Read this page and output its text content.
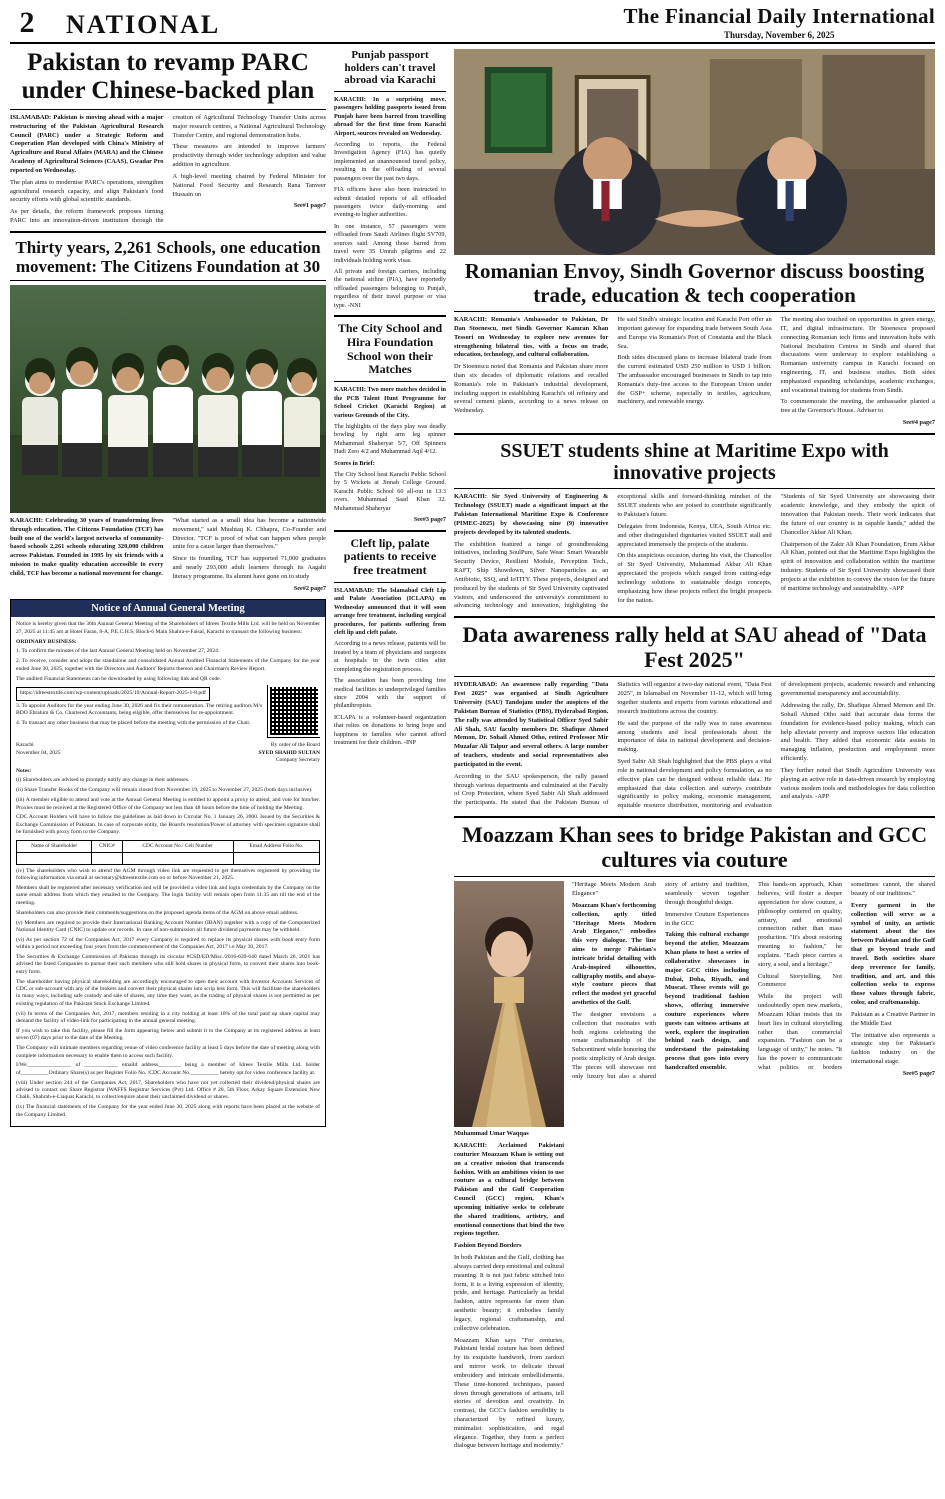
2	NATIONAL	The Financial Daily International
Thursday, November 6, 2025
Pakistan to revamp PARC under Chinese-backed plan

ISLAMABAD: Pakistan is moving ahead with a major restructuring of the Pakistan Agricultural Research Council (PARC) under a Strategic Reform and Cooperation Plan developed with China's Ministry of Agriculture and Rural Affairs (MARA) and the Chinese Academy of Agricultural Sciences (CAAS), Gwadar Pro reported on Wednesday.

The plan aims to modernise PARC's operations, strengthen agricultural research capacity, and align Pakistan's food security efforts with global scientific standards.

As per details, the reform framework proposes turning PARC into an innovation-driven institution through the creation of Agricultural Technology Transfer Units across major research centres, a National Agricultural Technology Transfer Centre, and regional demonstration hubs.

These measures are intended to improve farmers' productivity through wider technology adoption and value addition in agriculture.

A high-level meeting chaired by Federal Minister for National Food Security and Research Rana Tanveer Hussain on

See#1 page7
Thirty years, 2,261 Schools, one education movement: The Citizens Foundation at 30

KARACHI: Celebrating 30 years of transforming lives through education, The Citizens Foundation (TCF) has built one of the world's largest networks of community-based schools 2,261 schools educating 320,000 children across Pakistan. Founded in 1995 by six friends with a mission to make quality education accessible to every child, TCF has become a national movement for change.

"What started as a small idea has become a nationwide movement," said Mushtaq K. Chhapra, Co-Founder and Director. "TCF is proof of what can happen when people unite for a cause larger than themselves."

Since its founding, TCF has supported 71,000 graduates and nearly 293,000 adult learners through its Aagahi literacy programme. Its alumni have gone on to study

See#2 page7
Notice of Annual General Meeting

Notice is hereby given that the 36th Annual General Meeting of the Shareholders of Idrees Textile Mills Ltd. will be held on November 27, 2025 at 11:45 am at Hotel Faran, 8-A, P.E.C.H.S, Block-6 Main Shahra-e-Faisal, Karachi to transact the following business:

ORDINARY BUSINESS:

1. To confirm the minutes of the last Annual General Meeting held on November 27, 2024.

2. To receive, consider and adopt the standalone and consolidated Annual Audited Financial Statements of the Company for the year ended June 30, 2025, together with the Directors and Auditors' Reports thereon and Chairman's Review Report.

The audited Financial Statements can be downloaded by using following link and QR code.

https://idreestextile.com/wp-content/uploads/2025/10/Annual-Report-2025-1-8.pdf

3. To appoint Auditors for the year ending June 30, 2026 and fix their remuneration. The retiring auditors M/s BDO Ebrahim & Co. Chartered Accountants, being eligible, offer themselves for re-appointment.

4. To transact any other business that may be placed before the meeting with the permission of the Chair.

Karachi
November 04, 2025
By order of the Board
SYED SHAHID SULTAN
Company Secretary

Notes:

(i) Shareholders are advised to promptly notify any change in their addresses.

(ii) Share Transfer Books of the Company will remain closed from November 19, 2025 to November 27, 2025 (both days inclusive).

(iii) A member eligible to attend and vote at the Annual General Meeting is entitled to appoint a proxy to attend, and vote for him/her. Proxies must be received at the Registered Office of the Company not less than 48 hours before the time of holding the Meeting.

CDC Account Holders will have to follow the guidelines as laid down in Circular No. 1 January 26, 2000. Issued by the Securities & Exchange Commission of Pakistan. In case of corporate entity, the Board's resolution/Power of attorney with specimen signature shall be furnished with proxy form to the Company.

Name of Shareholder	CNIC#	CDC Account No./ Cell Number	Email Address Folio No.

(iv) The shareholders who wish to attend the AGM through video link are requested to get themselves registered by providing the following information via email at secretary@idreestextile.com on or before November 21, 2025.

Members shall be registered after necessary verification and will be provided a video link and login credentials by the Company on the same email address from which they emailed to the Company. The login facility will remain open from 11:35 am till the end of the meeting.

Shareholders can also provide their comments/suggestions on the proposed agenda items of the AGM on above email address.

(v) Members are required to provide their International Banking Account Number (IBAN) together with a copy of the Computerized National Identity Card (CNIC) to update our records. In case of non-submission all future dividend payments may be withheld.

(vi) As per section 72 of the Companies Act, 2017 every Company is required to replace its physical shares with book entry form within a period not exceeding four years from the commencement of the Companies Act, 2017 i.e May 30, 2017.

The Securities & Exchange Commission of Pakistan through its circular #CSD/ED/Misc./2016-639-640 dated March 26, 2021 has advised the listed Companies to pursue their such members who still hold shares in physical form, to convert their shares into book-entry form.

The shareholder having physical shareholding are accordingly encouraged to open their account with Investor Accounts Services of CDC or sub-account with any of the brokers and convert their physical shares into scrip less form. This will facilitate the shareholders in many ways, including safe custody and sale of shares, any time they want, as the trading of physical shares is not permitted as per existing regulation of the Pakistan Stock Exchange Limited.

(vii) In terms of the Companies Act, 2017, members residing in a city holding at least 10% of the total paid up share capital may demand the facility of video-link for participating in the annual general meeting.

If you wish to take this facility, please fill the form appearing below and submit it to the Company at its registered address at least seven (07) days prior to the date of the Meeting.

The Company will intimate members regarding venue of video conference facility at least 5 days before the date of meeting along with complete information necessary to enable them to access such facility.

I/We________________ of ____________ emaild address________ being a member of Idrees Textile Mills Ltd. holder of__________Ordinary Share(s) as per Register Folio No. /CDC Account No.__________ hereby opt for video conference facility at.

(viii) Under section 244 of the Companies Act, 2017, Shareholders who have not yet collected their dividend/physical shares are advised to contact our Share Registrar (WAFFS Registrar Services (Pvt) Ltd. Office # 20, 5th Floor, Arkay Square Extension New Challi, Shahrah-e-Liaquat Karachi, to collect/enquire about their unclaimed dividend or shares.

(ix) The financial statements of the Company for the year ended June 30, 2025 along with reports have been placed at the website of the Company Limited.

Punjab passport holders can't travel abroad via Karachi

KARACHI: In a surprising move, passengers holding passports issued from Punjab have been barred from travelling abroad for the first time from Karachi Airport, sources revealed on Wednesday.

According to reports, the Federal Investigation Agency (FIA) has quietly implemented an unannounced travel policy, resulting in the offloading of several passengers over the past two days.

FIA officers have also been instructed to submit detailed reports of all offloaded passengers twice daily-morning and evening-to higher authorities.

In one instance, 57 passengers were offloaded from Saudi Airlines flight SV709, sources said. Among those barred from travel were 35 Umrah pilgrims and 22 individuals holding work visas.

All private and foreign carriers, including the national airline (PIA), have reportedly offloaded passengers belonging to Punjab, regardless of their travel purpose or visa type. -NNI

The City School and Hira Foundation School won their Matches

KARACHI: Two more matches decided in the PCB Talent Hunt Programme for School Cricket (Karachi Region) at various Grounds of the City.

The highlights of the days play was deadly bowling by right arm leg spinner Muhammad Shaheryar 5/7, Off Spinners Hadi Zero 4/2 and Muhammad Aqil 4/12.

Scores in Brief:

The City School beat Karachi Public School by 5 Wickets at Jinnah College Ground. Karachi Public School 60 all-out in 13.3 overs. Muhammad Saad Khan 32. Muhammad Shaheryar

See#3 page7
Cleft lip, palate patients to receive free treatment

ISLAMABAD: The Islamabad Cleft Lip and Palate Association (ICLAPA) on Wednesday announced that it will soon arrange free treatment, including surgical procedures, for patients suffering from cleft lip and cleft palate.

According to a news release, patients will be treated by a team of physicians and surgeons at hospitals in the twin cities after completing the registration process.

The association has been providing free medical facilities to underprivileged families since 2004 with the support of philanthropists.

ICLAPA is a volunteer-based organization that relies on donations to bring hope and happiness to families who cannot afford treatment for their children. -INP

Romanian Envoy, Sindh Governor discuss boosting trade, education & tech cooperation

KARACHI: Romania's Ambassador to Pakistan, Dr Dan Stoenescu, met Sindh Governor Kamran Khan Tessori on Wednesday to explore new avenues for strengthening bilateral ties, with a focus on trade, education, technology, and cultural collaboration.

Dr Stoenescu noted that Romania and Pakistan share more than six decades of diplomatic relations and recalled Romania's role in Pakistan's industrial development, including support in establishing Karachi's oil refinery and several cement plants, according to a news release on Wednesday.

He said Sindh's strategic location and Karachi Port offer an important gateway for expanding trade between South Asia and Europe via Romania's Port of Constanta and the Black Sea.

Both sides discussed plans to increase bilateral trade from the current estimated USD 250 million to USD 1 billion. The ambassador encouraged businesses in Sindh to tap into Romania's duty-free access to the European Union under the GSP+ scheme, especially in textiles, agriculture, machinery, and renewable energy.

The meeting also touched on opportunities in green energy, IT, and digital infrastructure. Dr Stoenescu proposed connecting Romanian tech firms and innovation hubs with National Incubation Centres in Sindh and shared that discussions were underway to explore establishing a Romanian university campus in Karachi focused on engineering, IT, and business studies. Both sides emphasized expanding scholarships, academic exchanges, and vocational training for students from Sindh.

To commemorate the meeting, the ambassador planted a tree at the Governor's House. Adviser to

See#4 page7
SSUET students shine at Maritime Expo with innovative projects

KARACHI: Sir Syed University of Engineering & Technology (SSUET) made a significant impact at the Pakistan International Maritime Expo & Conference (PIMEC-2025) by showcasing nine (9) innovative projects developed by its talented students.

The exhibition featured a range of groundbreaking initiatives, including SoulPure, Safe Wear: Smart Wearable Security Device, Resilient Module, Perception Tech., RAFT, Ship Showdown, Silver Nanoparticles as an Antibiotic, SSQ, and IoTITY. These projects, designed and produced by the students of Sir Syed University captivated visitors, and underscored the university's commitment to advancing technology and innovation, highlighting the exceptional skills and forward-thinking mindset of the SSUET students who are poised to contribute significantly to Pakistan's future.

Delegates from Indonesia, Kenya, UEA, South Africa etc. and other distinguished dignitaries visited SSUET stall and appreciated immensely the projects of the students.

On this auspicious occasion, during his visit, the Chancellor of Sir Syed University, Muhammad Akbar Ali Khan appreciated the projects which ranged from cutting-edge technology solutions to sustainable design concepts, emphasizing how these projects reflect the bright prospects for the nation.

"Students of Sir Syed University are showcasing their academic knowledge, and they embody the spirit of innovation that Pakistan needs. Their work indicates that the future of our country is in capable hands," added the Chancellor Akbar Ali Khan.

Chairperson of the Zakir Ali Khan Foundation, Erum Akbar Ali Khan, pointed out that the Maritime Expo highlights the spirit of innovation and collaboration within the maritime industry. Students of Sir Syed University showcased their projects at the exhibition to convey the vision for the future of maritime technology and sustainability. -APP

Data awareness rally held at SAU ahead of "Data Fest 2025"

HYDERABAD: An awareness rally regarding "Data Fest 2025" was organised at Sindh Agriculture University (SAU) Tandojam under the auspices of the Pakistan Bureau of Statistics (PBS), Hyderabad Region. The rally was attended by Statistical Officer Syed Sabir Ali Shah, SAU faculty members Dr. Shafique Ahmed Memon, Dr. Sohail Ahmed Otho, retired Professor Mir Muzafar Ali Talpur and several others. A large number of teachers, students and social representatives also participated in the event.

According to the SAU spokesperson, the rally passed through various departments and culminated at the Faculty of Crop Protection, where Syed Sabir Ali Shah addressed the participants. He stated that the Pakistan Bureau of Statistics will organize a two-day national event, "Data Fest 2025", in Islamabad on November 11-12, which will bring together students and experts from various educational and research institutions across the country.

He said the purpose of the rally was to raise awareness among students and local professionals about the importance of data in national development and decision-making.

Syed Sabir Ali Shah highlighted that the PBS plays a vital role in national development and policy formulation, as no effective plan can be designed without reliable data. He emphasized that data collection and surveys contribute significantly to policy making, economic management, equitable resource distribution, monitoring and evaluation of development projects, academic research and enhancing governmental transparency and accountability.

Addressing the rally, Dr. Shafique Ahmed Memon and Dr. Sohail Ahmed Otho said that accurate data forms the foundation for evidence-based policy making, which can help alleviate poverty and improve sectors like education and health. They added that economic data assists in managing inflation, production and employment more efficiently.

They further noted that Sindh Agriculture University was playing an active role in data-driven research by employing various modern tools and methodologies for data collection and analysis. -APP

Moazzam Khan sees to bridge Pakistan and GCC cultures via couture

Muhammad Umar Waqqas

KARACHI: Acclaimed Pakistani couturier Moazzam Khan is setting out on a creative mission that transcends fashion. With an ambitious vision to use couture as a cultural bridge between Pakistan and the Gulf Cooperation Council (GCC) region, Khan's upcoming initiative seeks to celebrate the shared traditions, artistry, and emotional connections that bind the two regions together.

Fashion Beyond Borders

In both Pakistan and the Gulf, clothing has always carried deep emotional and cultural meaning. It is not just fabric stitched into form, it is a living expression of identity, pride, and heritage. Particularly as bridal fashion, attire represents far more than aesthetic beauty; it embodies family legacy, regional craftsmanship, and collective celebration.

Moazzam Khan says "For centuries, Pakistani bridal couture has been defined by its exquisite handwork, from zardozi and mirror work to delicate thread embroidery and intricate embellishments. These time-honored techniques, passed down through generations of artisans, tell stories of devotion and creativity. In contrast, the GCC's fashion sensibility is characterized by refined luxury, minimalist sophistication, and regal elegance. Together, they form a perfect dialogue between heritage and modernity."

"Heritage Meets Modern Arab Elegance"

Moazzam Khan's forthcoming collection, aptly titled "Heritage Meets Modern Arab Elegance," embodies this very dialogue. The line aims to merge Pakistan's intricate bridal detailing with Arab-inspired silhouettes, calligraphy motifs, and abaya-style couture pieces that reflect the modest yet graceful aesthetics of the Gulf.

The designer envisions a collection that resonates with both regions celebrating the ornate craftsmanship of the Subcontinent while honoring the poetic simplicity of Arab design. The pieces will showcase not only luxury but also a shared story of artistry and tradition, seamlessly woven together through thoughtful design.

Immersive Couture Experiences in the GCC

Taking this cultural exchange beyond the atelier, Moazzam Khan plans to host a series of collaborative showcases in major GCC cities including Dubai, Doha, Riyadh, and Muscat. These events will go beyond traditional fashion shows, offering immersive couture experiences where guests can witness artisans at work, explore the inspiration behind each design, and understand the painstaking process that goes into every handcrafted ensemble.

This hands-on approach, Khan believes, will foster a deeper appreciation for slow couture, a philosophy centered on quality, artistry, and emotional connection rather than mass production. "It's about restoring meaning to fashion," he explains. "Each piece carries a story, a soul, and a heritage."

Cultural Storytelling, Not Commerce

While the project will undoubtedly open new markets, Moazzam Khan insists that its heart lies in cultural storytelling rather than commercial expansion. "Fashion can be a language of unity," he notes. "It has the power to communicate what politics or borders sometimes cannot, the shared beauty of our traditions."

Every garment in the collection will serve as a symbol of unity, an artistic statement about the ties between Pakistan and the Gulf that go beyond trade and travel. Both societies share deep reverence for family, tradition, and art, and this collection seeks to express those values through fabric, color, and craftsmanship.

Pakistan as a Creative Partner in the Middle East

The initiative also represents a strategic step for Pakistan's fashion industry on the international stage.

See#5 page7
